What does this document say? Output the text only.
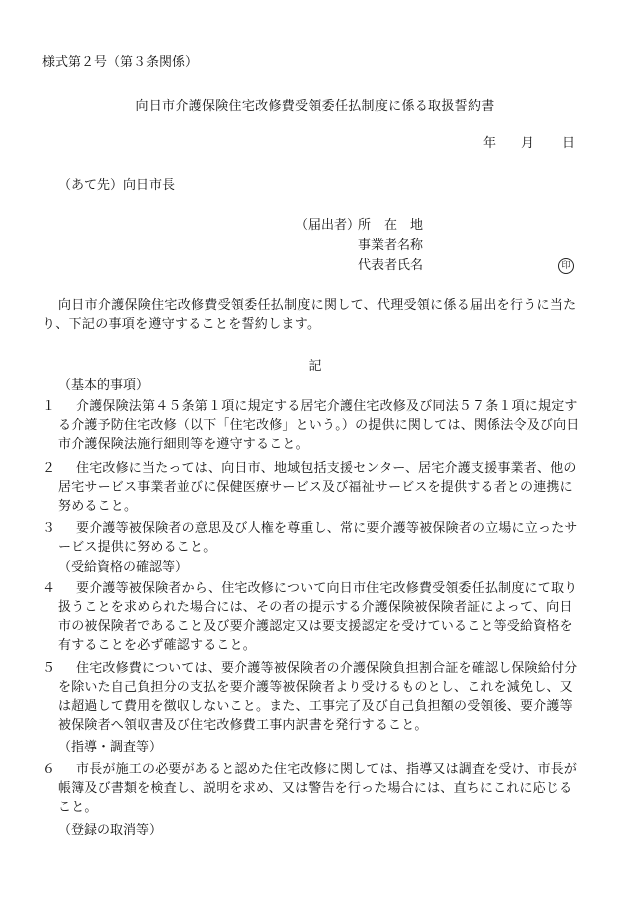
様式第２号（第３条関係）
向日市介護保険住宅改修費受領委任払制度に係る取扱誓約書
年 月 日
（あて先）向日市長
（届出者）
所　在　地
事業者名称
代表者氏名	印
向日市介護保険住宅改修費受領委任払制度に関して、代理受領に係る届出を行うに当た
り、下記の事項を遵守することを誓約します。
記
（基本的事項）
１	介護保険法第４５条第１項に規定する居宅介護住宅改修及び同法５７条１項に規定す
る介護予防住宅改修（以下「住宅改修」という。）の提供に関しては、関係法令及び向日
市介護保険法施行細則等を遵守すること。
２	住宅改修に当たっては、向日市、地域包括支援センター、居宅介護支援事業者、他の
居宅サービス事業者並びに保健医療サービス及び福祉サービスを提供する者との連携に
努めること。
３	要介護等被保険者の意思及び人権を尊重し、常に要介護等被保険者の立場に立ったサ
ービス提供に努めること。
（受給資格の確認等）
４	要介護等被保険者から、住宅改修について向日市住宅改修費受領委任払制度にて取り
扱うことを求められた場合には、その者の提示する介護保険被保険者証によって、向日
市の被保険者であること及び要介護認定又は要支援認定を受けていること等受給資格を
有することを必ず確認すること。
５	住宅改修費については、要介護等被保険者の介護保険負担割合証を確認し保険給付分
を除いた自己負担分の支払を要介護等被保険者より受けるものとし、これを減免し、又
は超過して費用を徴収しないこと。また、工事完了及び自己負担額の受領後、要介護等
被保険者へ領収書及び住宅改修費工事内訳書を発行すること。
（指導・調査等）
６	市長が施工の必要があると認めた住宅改修に関しては、指導又は調査を受け、市長が
帳簿及び書類を検査し、説明を求め、又は警告を行った場合には、直ちにこれに応じる
こと。
（登録の取消等）
